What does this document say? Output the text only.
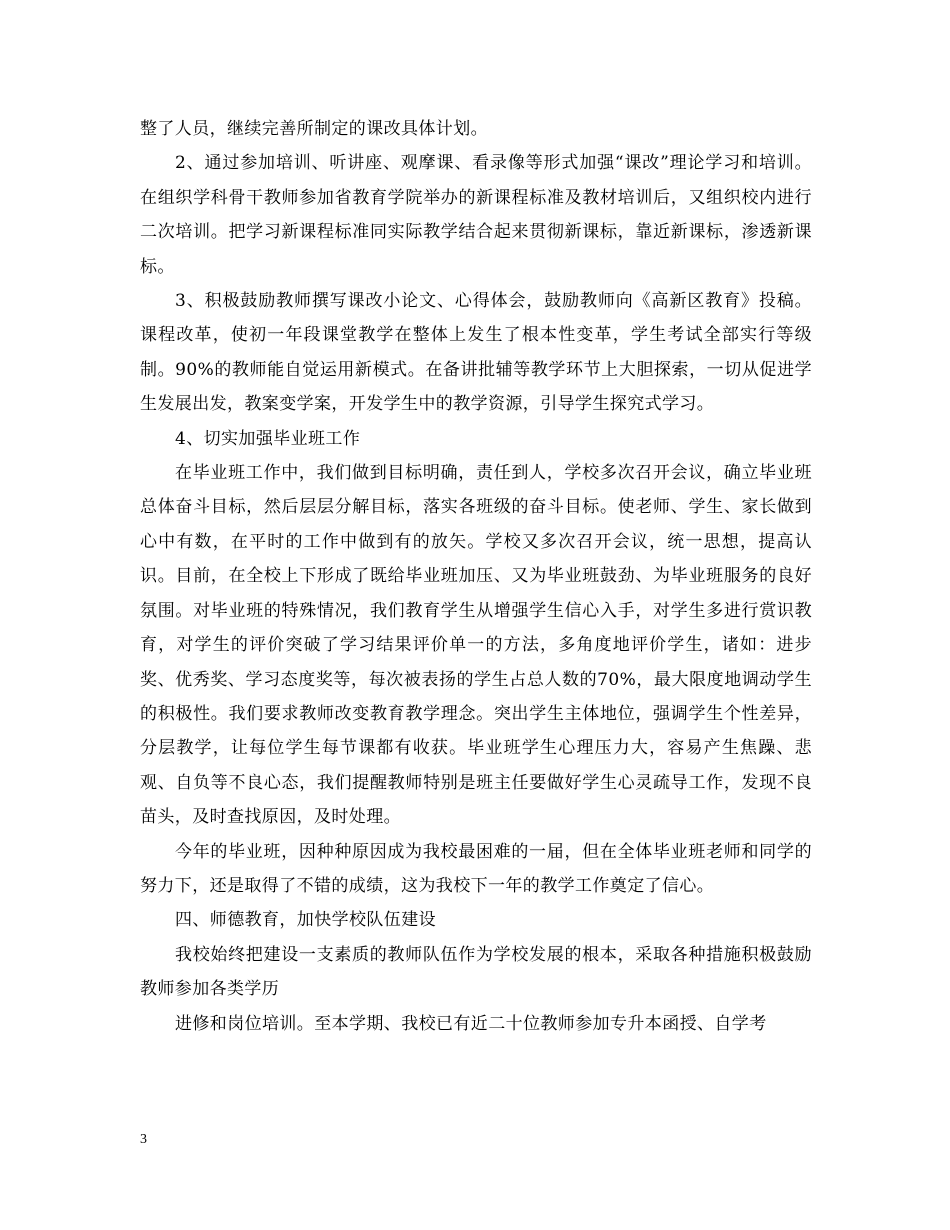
整了人员，继续完善所制定的课改具体计划。

2、通过参加培训、听讲座、观摩课、看录像等形式加强“课改”理论学习和培训。在组织学科骨干教师参加省教育学院举办的新课程标准及教材培训后，又组织校内进行二次培训。把学习新课程标准同实际教学结合起来贯彻新课标，靠近新课标，渗透新课标。

3、积极鼓励教师撰写课改小论文、心得体会，鼓励教师向《高新区教育》投稿。课程改革，使初一年段课堂教学在整体上发生了根本性变革，学生考试全部实行等级制。90%的教师能自觉运用新模式。在备讲批辅等教学环节上大胆探索，一切从促进学生发展出发，教案变学案，开发学生中的教学资源，引导学生探究式学习。

4、切实加强毕业班工作

在毕业班工作中，我们做到目标明确，责任到人，学校多次召开会议，确立毕业班总体奋斗目标，然后层层分解目标，落实各班级的奋斗目标。使老师、学生、家长做到心中有数，在平时的工作中做到有的放矢。学校又多次召开会议，统一思想，提高认识。目前，在全校上下形成了既给毕业班加压、又为毕业班鼓劲、为毕业班服务的良好氛围。对毕业班的特殊情况，我们教育学生从增强学生信心入手，对学生多进行赏识教育，对学生的评价突破了学习结果评价单一的方法，多角度地评价学生，诸如：进步奖、优秀奖、学习态度奖等，每次被表扬的学生占总人数的70%，最大限度地调动学生的积极性。我们要求教师改变教育教学理念。突出学生主体地位，强调学生个性差异，分层教学，让每位学生每节课都有收获。毕业班学生心理压力大，容易产生焦躁、悲观、自负等不良心态，我们提醒教师特别是班主任要做好学生心灵疏导工作，发现不良苗头，及时查找原因，及时处理。

今年的毕业班，因种种原因成为我校最困难的一届，但在全体毕业班老师和同学的努力下，还是取得了不错的成绩，这为我校下一年的教学工作奠定了信心。

四、师德教育，加快学校队伍建设

我校始终把建设一支素质的教师队伍作为学校发展的根本，采取各种措施积极鼓励教师参加各类学历

进修和岗位培训。至本学期、我校已有近二十位教师参加专升本函授、自学考

3
